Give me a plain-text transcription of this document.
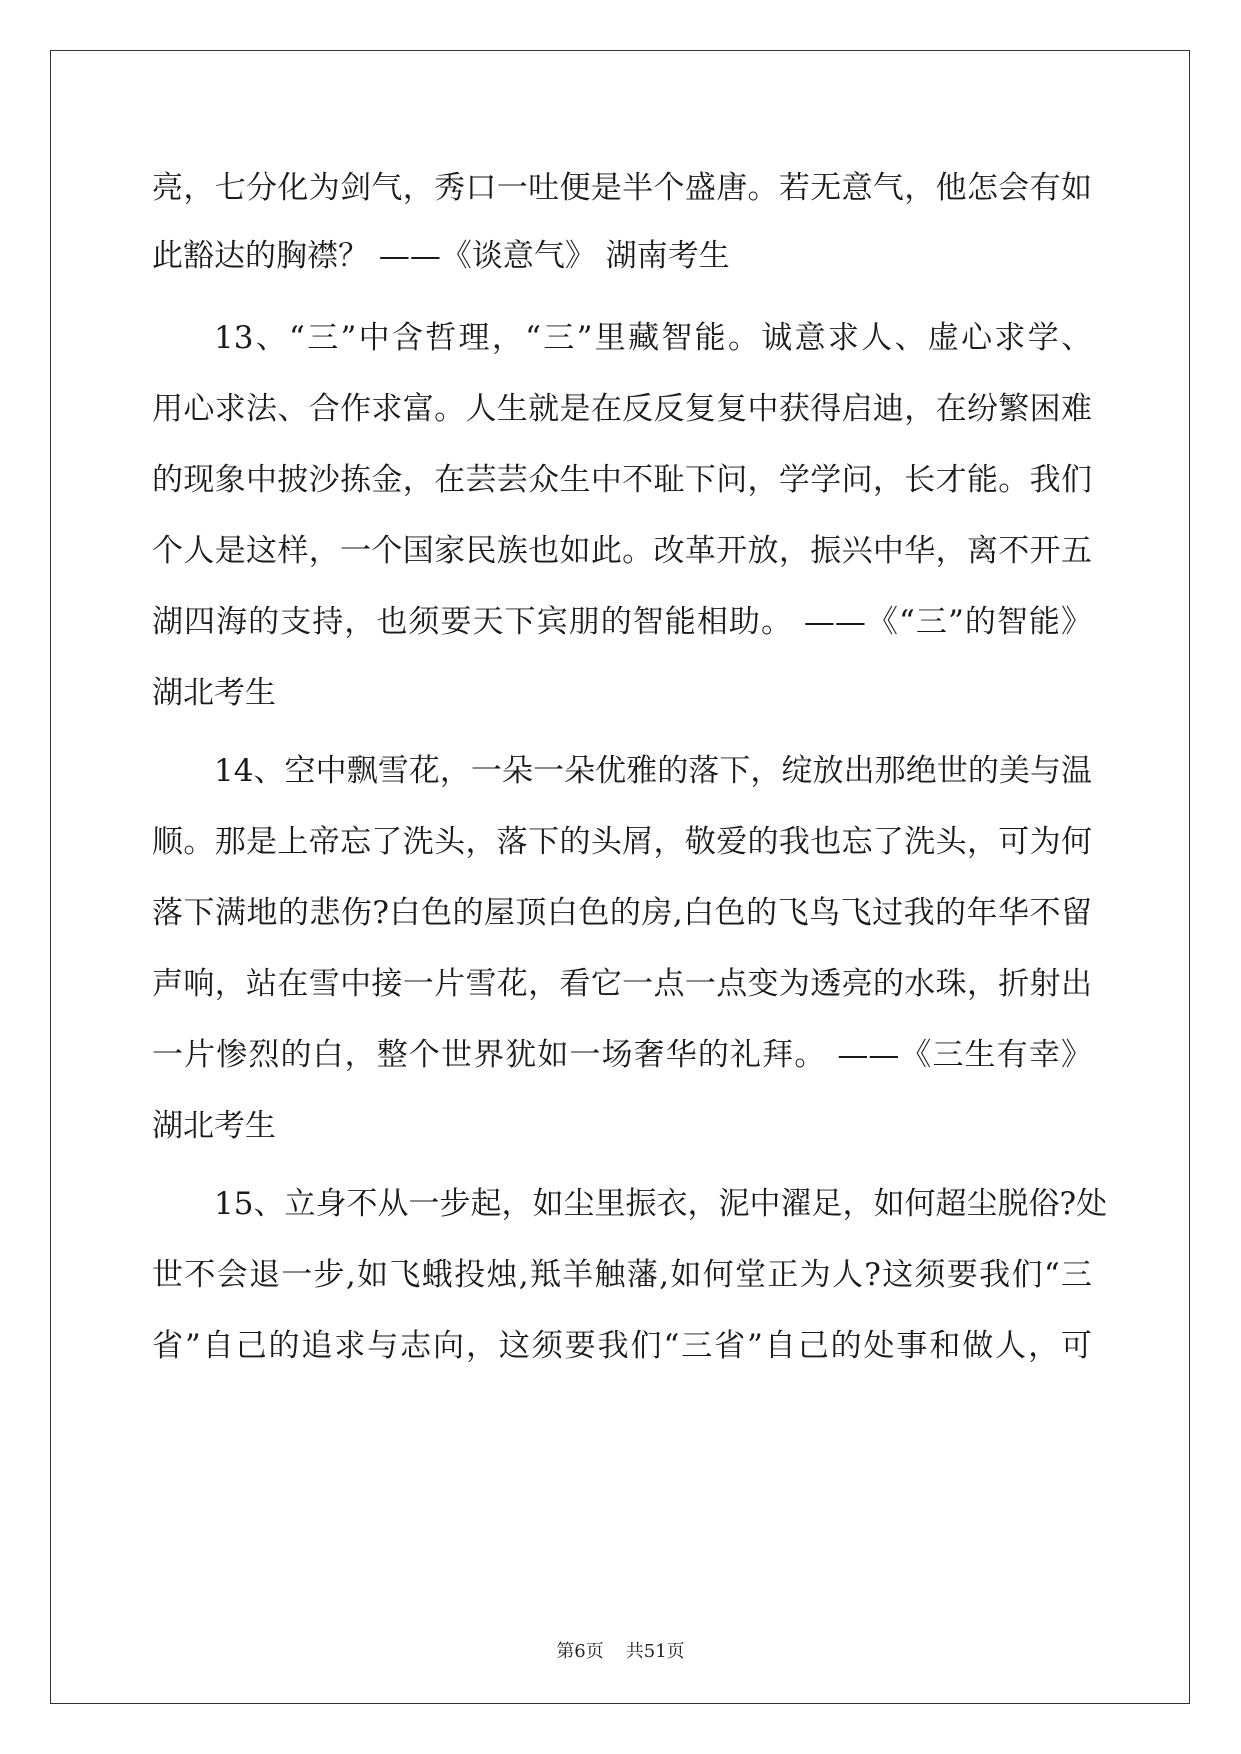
亮，七分化为剑气，秀口一吐便是半个盛唐。若无意气，他怎会有如
此豁达的胸襟？ ——《谈意气》 湖南考生
13、“三”中含哲理，“三”里藏智能。诚意求人、虚心求学、
用心求法、合作求富。人生就是在反反复复中获得启迪，在纷繁困难
的现象中披沙拣金，在芸芸众生中不耻下问，学学问，长才能。我们
个人是这样，一个国家民族也如此。改革开放，振兴中华，离不开五
湖四海的支持，也须要天下宾朋的智能相助。 ——《“三”的智能》
湖北考生
14、空中飘雪花，一朵一朵优雅的落下，绽放出那绝世的美与温
顺。那是上帝忘了洗头，落下的头屑，敬爱的我也忘了洗头，可为何
落下满地的悲伤?白色的屋顶白色的房,白色的飞鸟飞过我的年华不留
声响，站在雪中接一片雪花，看它一点一点变为透亮的水珠，折射出
一片惨烈的白，整个世界犹如一场奢华的礼拜。 ——《三生有幸》
湖北考生
15、立身不从一步起，如尘里振衣，泥中濯足，如何超尘脱俗?处
世不会退一步,如飞蛾投烛,羝羊触藩,如何堂正为人?这须要我们“三
省”自己的追求与志向，这须要我们“三省”自己的处事和做人，可
第6页 共51页
